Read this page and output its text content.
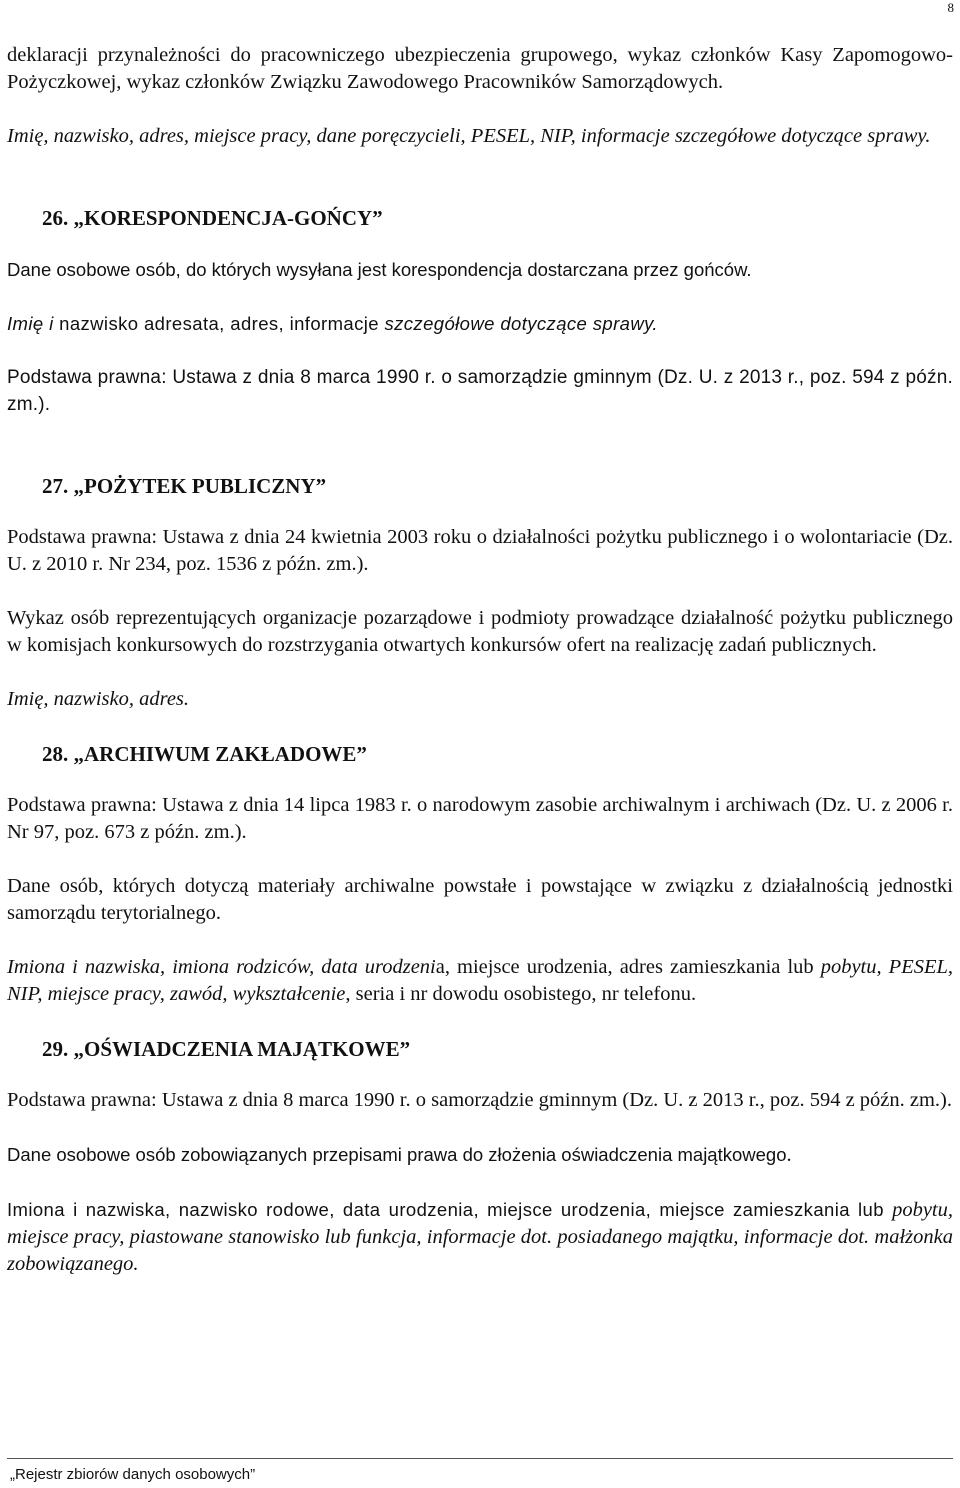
8

deklaracji przynależności do pracowniczego ubezpieczenia grupowego, wykaz członków Kasy Zapomogowo-Pożyczkowej, wykaz członków Związku Zawodowego Pracowników Samorządowych.

Imię, nazwisko, adres, miejsce pracy, dane poręczycieli, PESEL, NIP, informacje szczegółowe dotyczące sprawy.

26. „KORESPONDENCJA-GOŃCY”

Dane osobowe osób, do których wysyłana jest korespondencja dostarczana przez gońców.

Imię i nazwisko adresata, adres, informacje szczegółowe dotyczące sprawy.

Podstawa prawna: Ustawa z dnia 8 marca 1990 r. o samorządzie gminnym (Dz. U. z 2013 r., poz. 594 z późn. zm.).

27. „POŻYTEK PUBLICZNY”

Podstawa prawna: Ustawa z dnia 24 kwietnia 2003 roku o działalności pożytku publicznego i o wolontariacie (Dz. U. z 2010 r. Nr 234, poz. 1536 z późn. zm.).

Wykaz osób reprezentujących organizacje pozarządowe i podmioty prowadzące działalność pożytku publicznego w komisjach konkursowych do rozstrzygania otwartych konkursów ofert na realizację zadań publicznych.

Imię, nazwisko, adres.

28. „ARCHIWUM ZAKŁADOWE”

Podstawa prawna: Ustawa z dnia 14 lipca 1983 r. o narodowym zasobie archiwalnym i archiwach (Dz. U. z 2006 r. Nr 97, poz. 673 z późn. zm.).

Dane osób, których dotyczą materiały archiwalne powstałe i powstające w związku z działalnością jednostki samorządu terytorialnego.

Imiona i nazwiska, imiona rodziców, data urodzenia, miejsce urodzenia, adres zamieszkania lub pobytu, PESEL, NIP, miejsce pracy, zawód, wykształcenie, seria i nr dowodu osobistego, nr telefonu.

29. „OŚWIADCZENIA MAJĄTKOWE”

Podstawa prawna: Ustawa z dnia 8 marca 1990 r. o samorządzie gminnym (Dz. U. z 2013 r., poz. 594 z późn. zm.).

Dane osobowe osób zobowiązanych przepisami prawa do złożenia oświadczenia majątkowego.

Imiona i nazwiska, nazwisko rodowe, data urodzenia, miejsce urodzenia, miejsce zamieszkania lub pobytu, miejsce pracy, piastowane stanowisko lub funkcja, informacje dot. posiadanego majątku, informacje dot. małżonka zobowiązanego.

„Rejestr zbiorów danych osobowych”
